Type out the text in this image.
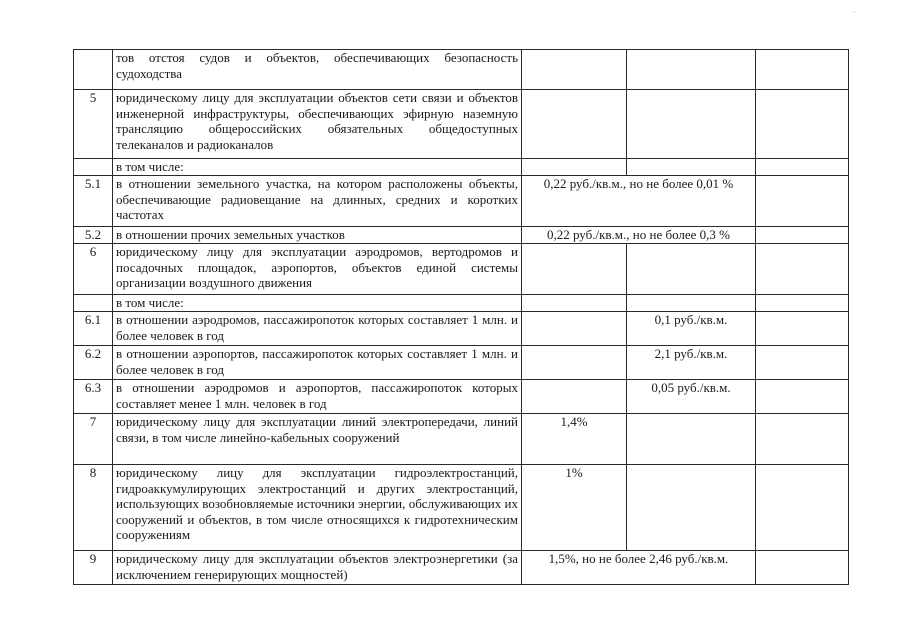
	тов отстоя судов и объектов, обеспечивающих безопасность судоходства			
5	юридическому лицу для эксплуатации объектов сети связи и объектов инженерной инфраструктуры, обеспечивающих эфирную наземную трансляцию общероссийских обязательных общедоступных телеканалов и радиоканалов			
	в том числе:			
5.1	в отношении земельного участка, на котором расположены объекты, обеспечивающие радиовещание на длинных, средних и коротких частотах	0,22 руб./кв.м., но не более 0,01 %		
5.2	в отношении прочих земельных участков	0,22 руб./кв.м., но не более 0,3 %		
6	юридическому лицу для эксплуатации аэродромов, вертодромов и посадочных площадок, аэропортов, объектов единой системы организации воздушного движения			
	в том числе:			
6.1	в отношении аэродромов, пассажиропоток которых составляет 1 млн. и более человек в год		0,1 руб./кв.м.	
6.2	в отношении аэропортов, пассажиропоток которых составляет 1 млн. и более человек в год		2,1 руб./кв.м.	
6.3	в отношении аэродромов и аэропортов, пассажиропоток которых составляет менее 1 млн. человек в год		0,05 руб./кв.м.	
7	юридическому лицу для эксплуатации линий электропередачи, линий связи, в том числе линейно-кабельных сооружений	1,4%		
8	юридическому лицу для эксплуатации гидроэлектростанций, гидроаккумулирующих электростанций и других электростанций, использующих возобновляемые источники энергии, обслуживающих их сооружений и объектов, в том числе относящихся к гидротехническим сооружениям	1%		
9	юридическому лицу для эксплуатации объектов электроэнергетики (за исключением генерирующих мощностей)	1,5%, но не более 2,46 руб./кв.м.		
·
